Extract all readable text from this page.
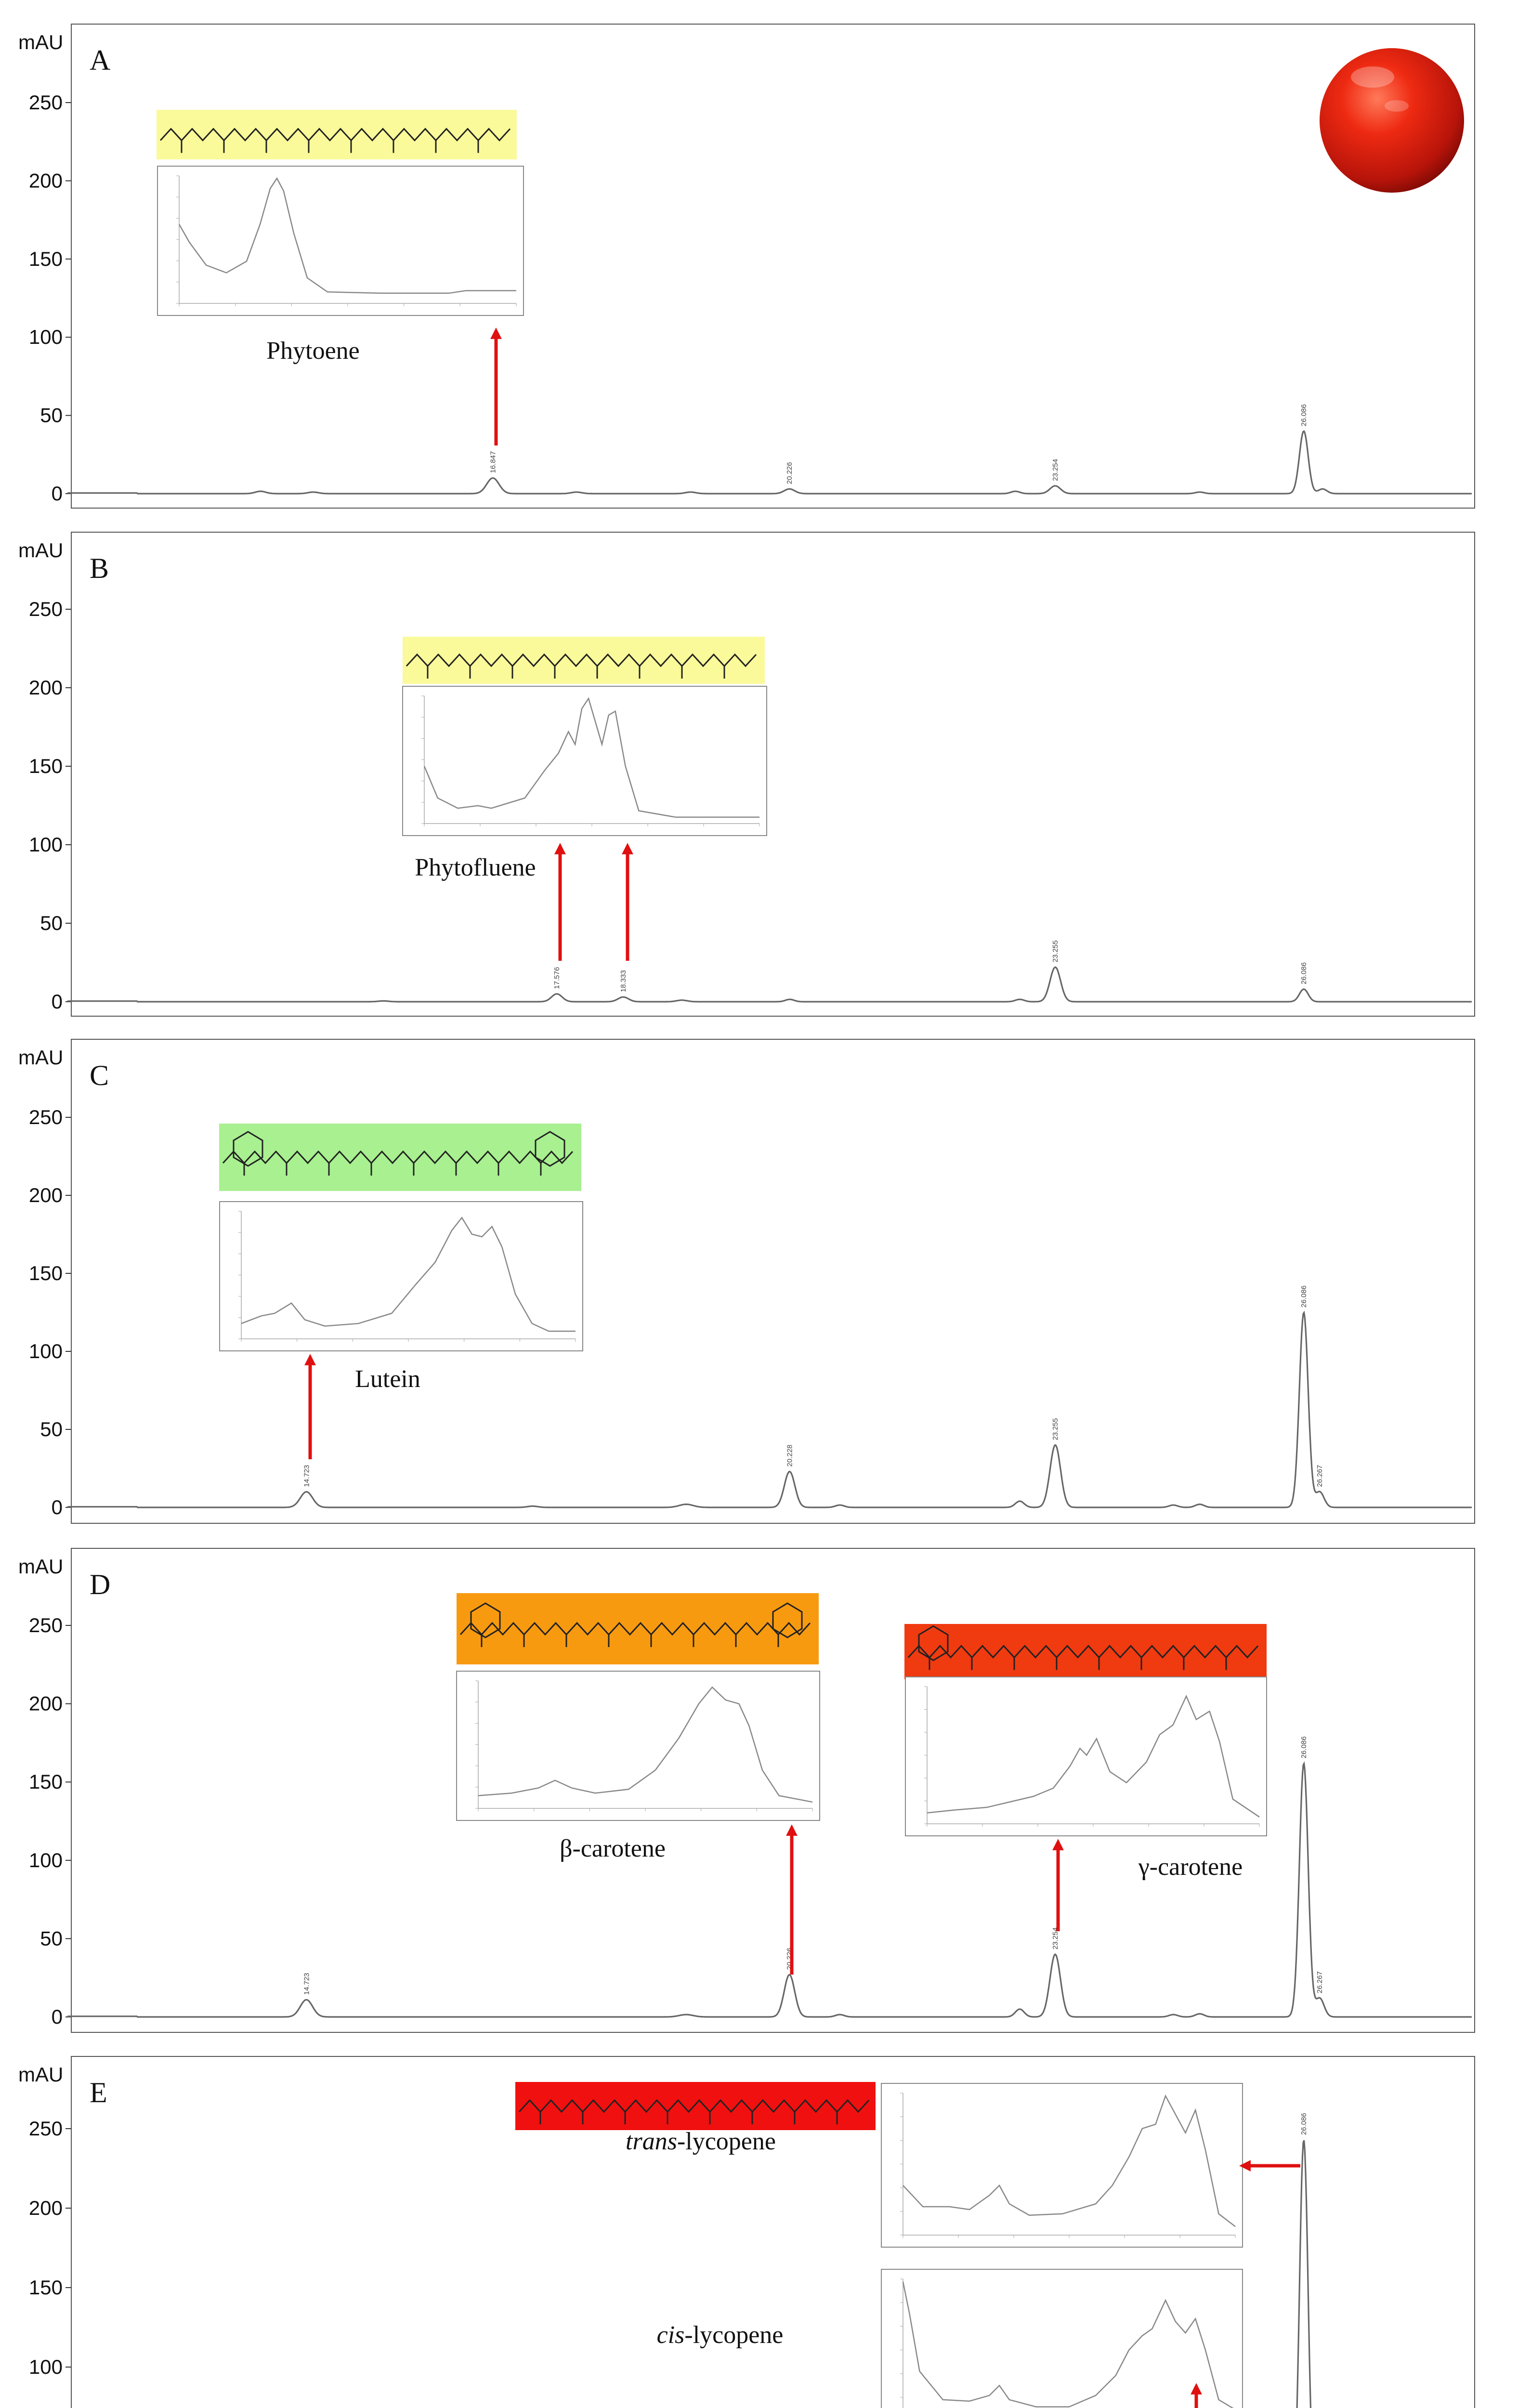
mAU
0
50
100
150
200
250
A
16.847	20.226	23.254
26.086
Phytoene
mAU
0
50
100
150
200
250
B
17.576	18.333
23.255
26.086
Phytofluene
mAU
0
50
100
150
200
250
C
14.723
20.228
23.255
26.086
26.267
Lutein
mAU
0
50
100
150
200
250
D
14.723
20.226
23.254
26.086
26.267
β-carotene
γ-carotene
mAU
100
150
200
250
E
26.086
trans-lycopene
cis-lycopene
